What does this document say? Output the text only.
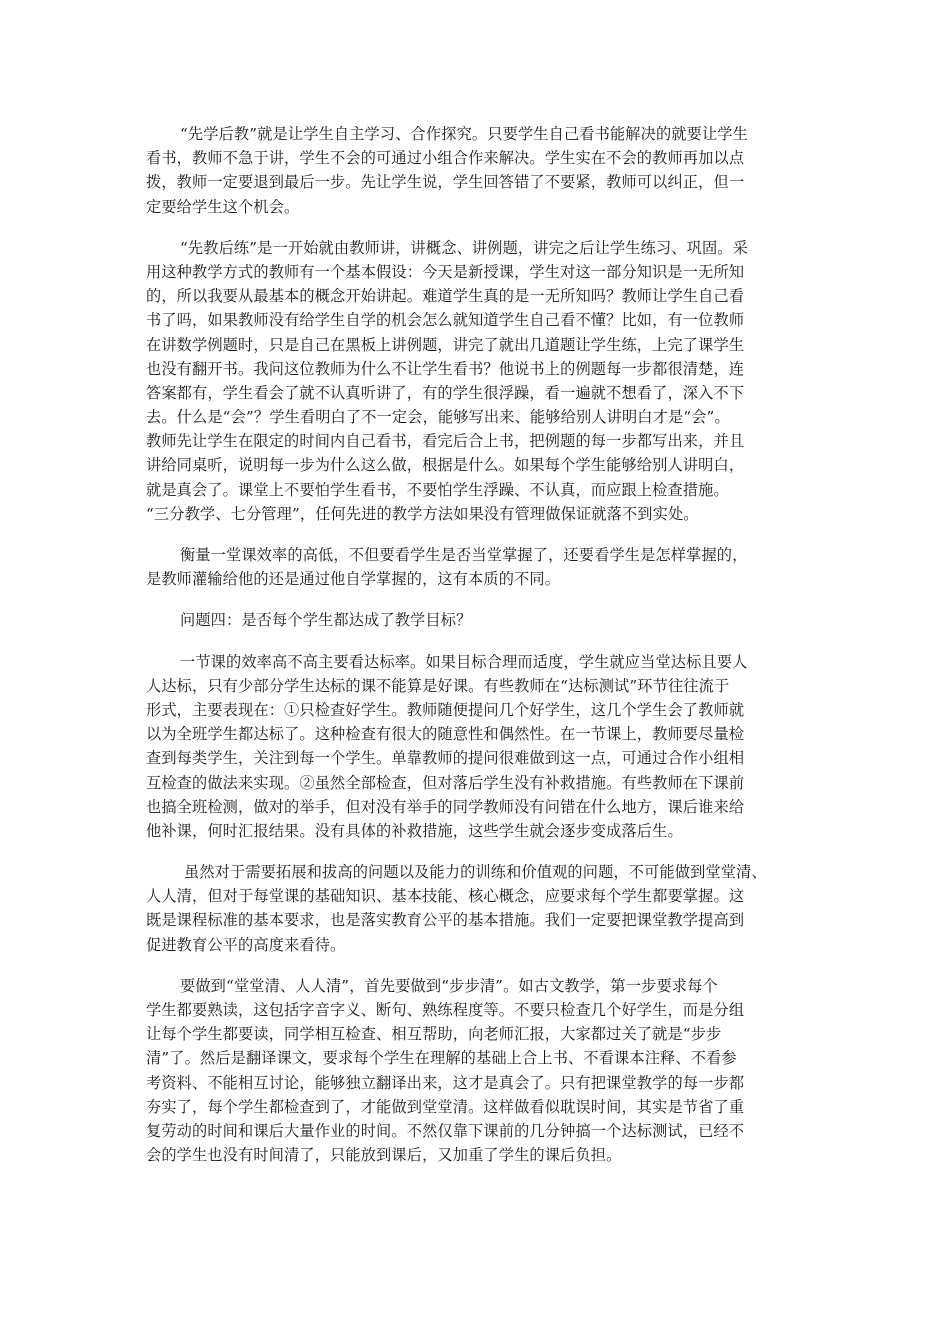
“先学后教”就是让学生自主学习、合作探究。只要学生自己看书能解决的就要让学生
看书，教师不急于讲，学生不会的可通过小组合作来解决。学生实在不会的教师再加以点
拨，教师一定要退到最后一步。先让学生说，学生回答错了不要紧，教师可以纠正，但一
定要给学生这个机会。
“先教后练”是一开始就由教师讲，讲概念、讲例题，讲完之后让学生练习、巩固。采
用这种教学方式的教师有一个基本假设：今天是新授课，学生对这一部分知识是一无所知
的，所以我要从最基本的概念开始讲起。难道学生真的是一无所知吗？教师让学生自己看
书了吗，如果教师没有给学生自学的机会怎么就知道学生自己看不懂？比如，有一位教师
在讲数学例题时，只是自己在黑板上讲例题，讲完了就出几道题让学生练，上完了课学生
也没有翻开书。我问这位教师为什么不让学生看书？他说书上的例题每一步都很清楚，连
答案都有，学生看会了就不认真听讲了，有的学生很浮躁，看一遍就不想看了，深入不下
去。什么是“会”？学生看明白了不一定会，能够写出来、能够给别人讲明白才是“会”。
教师先让学生在限定的时间内自己看书，看完后合上书，把例题的每一步都写出来，并且
讲给同桌听，说明每一步为什么这么做，根据是什么。如果每个学生能够给别人讲明白，
就是真会了。课堂上不要怕学生看书，不要怕学生浮躁、不认真，而应跟上检查措施。
“三分教学、七分管理”，任何先进的教学方法如果没有管理做保证就落不到实处。
衡量一堂课效率的高低，不但要看学生是否当堂掌握了，还要看学生是怎样掌握的，
是教师灌输给他的还是通过他自学掌握的，这有本质的不同。
问题四：是否每个学生都达成了教学目标？
一节课的效率高不高主要看达标率。如果目标合理而适度，学生就应当堂达标且要人
人达标，只有少部分学生达标的课不能算是好课。有些教师在“达标测试”环节往往流于
形式，主要表现在：①只检查好学生。教师随便提问几个好学生，这几个学生会了教师就
以为全班学生都达标了。这种检查有很大的随意性和偶然性。在一节课上，教师要尽量检
查到每类学生，关注到每一个学生。单靠教师的提问很难做到这一点，可通过合作小组相
互检查的做法来实现。②虽然全部检查，但对落后学生没有补救措施。有些教师在下课前
也搞全班检测，做对的举手，但对没有举手的同学教师没有问错在什么地方，课后谁来给
他补课，何时汇报结果。没有具体的补救措施，这些学生就会逐步变成落后生。
虽然对于需要拓展和拔高的问题以及能力的训练和价值观的问题，不可能做到堂堂清、
人人清，但对于每堂课的基础知识、基本技能、核心概念，应要求每个学生都要掌握。这
既是课程标准的基本要求，也是落实教育公平的基本措施。我们一定要把课堂教学提高到
促进教育公平的高度来看待。
要做到“堂堂清、人人清”，首先要做到“步步清”。如古文教学，第一步要求每个
学生都要熟读，这包括字音字义、断句、熟练程度等。不要只检查几个好学生，而是分组
让每个学生都要读，同学相互检查、相互帮助，向老师汇报，大家都过关了就是“步步
清”了。然后是翻译课文，要求每个学生在理解的基础上合上书、不看课本注释、不看参
考资料、不能相互讨论，能够独立翻译出来，这才是真会了。只有把课堂教学的每一步都
夯实了，每个学生都检查到了，才能做到堂堂清。这样做看似耽误时间，其实是节省了重
复劳动的时间和课后大量作业的时间。不然仅靠下课前的几分钟搞一个达标测试，已经不
会的学生也没有时间清了，只能放到课后，又加重了学生的课后负担。
